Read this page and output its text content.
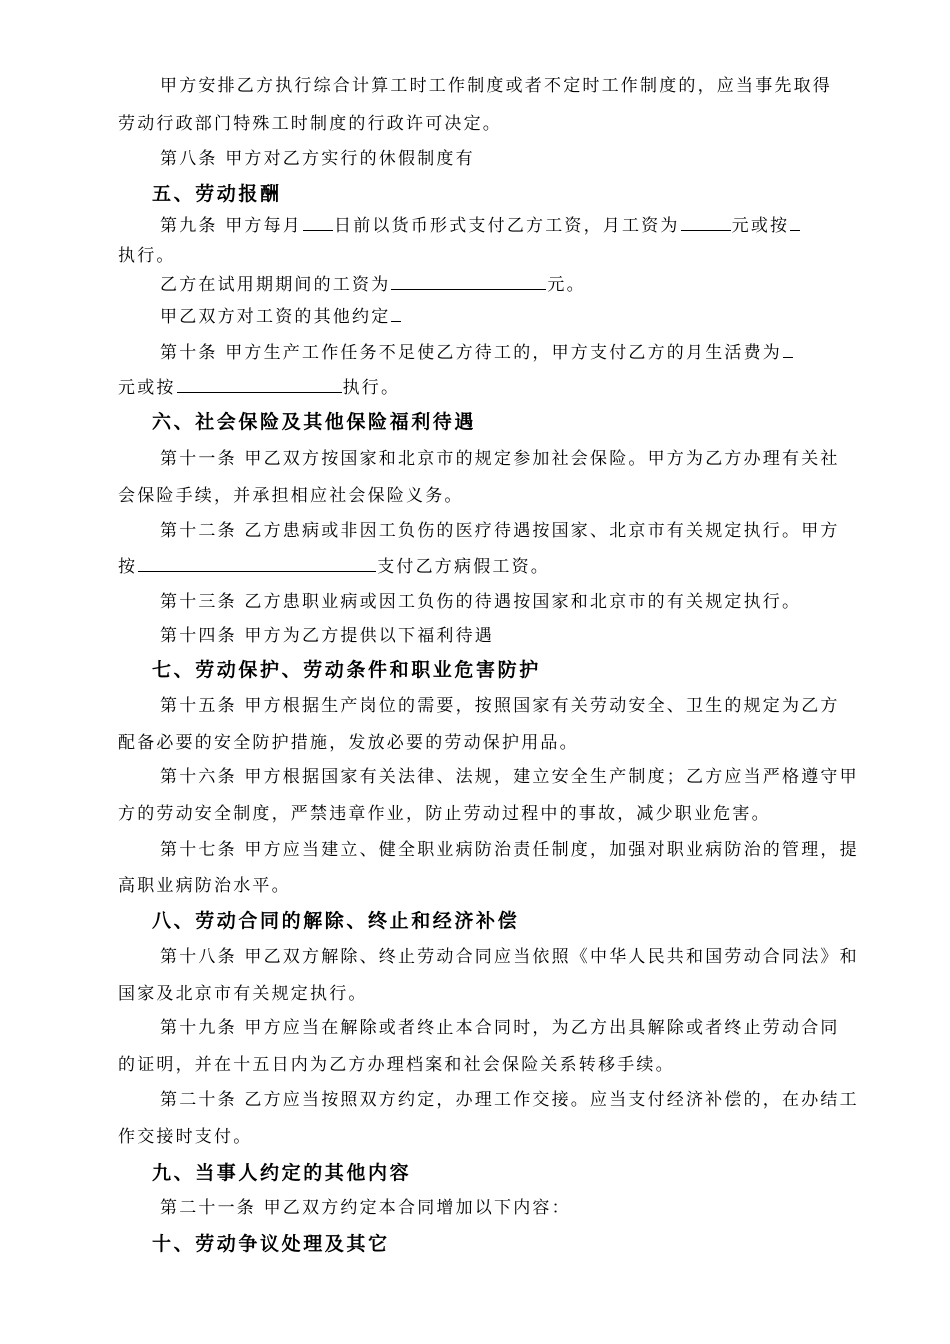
甲方安排乙方执行综合计算工时工作制度或者不定时工作制度的，应当事先取得
劳动行政部门特殊工时制度的行政许可决定。
第八条 甲方对乙方实行的休假制度有
五、劳动报酬
第九条 甲方每月 日前以货币形式支付乙方工资，月工资为	元或按
执行。
乙方在试用期期间的工资为	元。
甲乙双方对工资的其他约定
第十条 甲方生产工作任务不足使乙方待工的，甲方支付乙方的月生活费为
元或按	执行。
六、社会保险及其他保险福利待遇
第十一条 甲乙双方按国家和北京市的规定参加社会保险。甲方为乙方办理有关社
会保险手续，并承担相应社会保险义务。
第十二条 乙方患病或非因工负伤的医疗待遇按国家、北京市有关规定执行。甲方
按	支付乙方病假工资。
第十三条 乙方患职业病或因工负伤的待遇按国家和北京市的有关规定执行。
第十四条 甲方为乙方提供以下福利待遇
七、劳动保护、劳动条件和职业危害防护
第十五条 甲方根据生产岗位的需要，按照国家有关劳动安全、卫生的规定为乙方
配备必要的安全防护措施，发放必要的劳动保护用品。
第十六条 甲方根据国家有关法律、法规，建立安全生产制度；乙方应当严格遵守甲
方的劳动安全制度，严禁违章作业，防止劳动过程中的事故，减少职业危害。
第十七条 甲方应当建立、健全职业病防治责任制度，加强对职业病防治的管理，提
高职业病防治水平。
八、劳动合同的解除、终止和经济补偿
第十八条 甲乙双方解除、终止劳动合同应当依照《中华人民共和国劳动合同法》和
国家及北京市有关规定执行。
第十九条 甲方应当在解除或者终止本合同时，为乙方出具解除或者终止劳动合同
的证明，并在十五日内为乙方办理档案和社会保险关系转移手续。
第二十条 乙方应当按照双方约定，办理工作交接。应当支付经济补偿的，在办结工
作交接时支付。
九、当事人约定的其他内容
第二十一条 甲乙双方约定本合同增加以下内容：
十、劳动争议处理及其它
